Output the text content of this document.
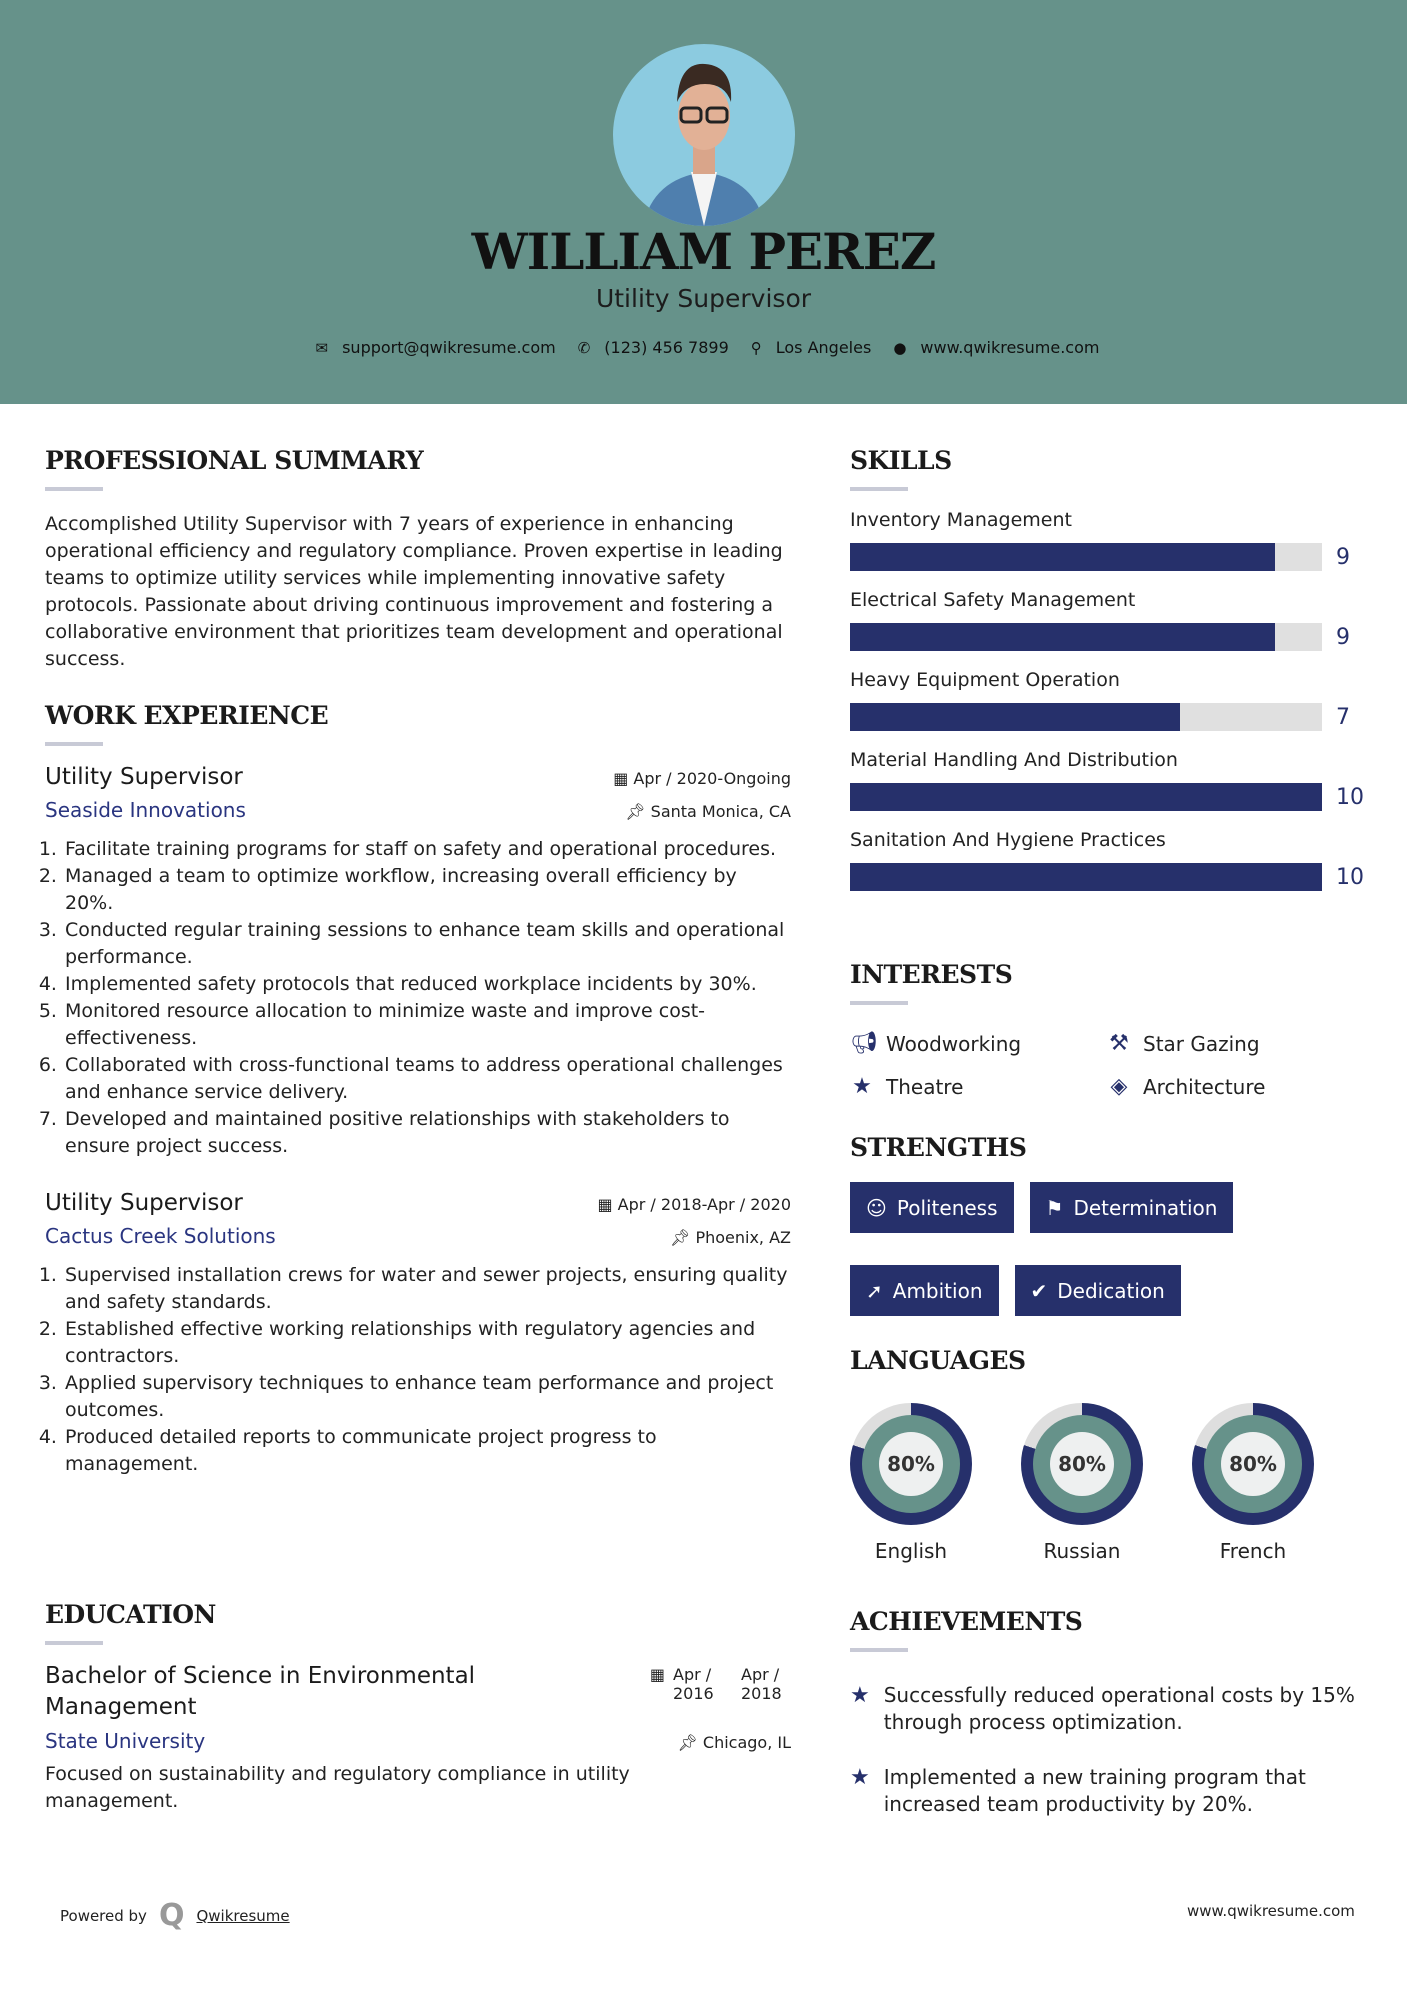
WILLIAM PEREZ
Utility Supervisor
✉ support@qwikresume.com ✆ (123) 456 7899 ⚲ Los Angeles ● www.qwikresume.com
PROFESSIONAL SUMMARY
Accomplished Utility Supervisor with 7 years of experience in enhancing operational efficiency and regulatory compliance. Proven expertise in leading teams to optimize utility services while implementing innovative safety protocols. Passionate about driving continuous improvement and fostering a collaborative environment that prioritizes team development and operational success.
WORK EXPERIENCE
Utility Supervisor	▦ Apr / 2020-Ongoing
Seaside Innovations	📌︎ Santa Monica, CA
1. Facilitate training programs for staff on safety and operational procedures.
2. Managed a team to optimize workflow, increasing overall efficiency by 20%.
3. Conducted regular training sessions to enhance team skills and operational performance.
4. Implemented safety protocols that reduced workplace incidents by 30%.
5. Monitored resource allocation to minimize waste and improve cost-effectiveness.
6. Collaborated with cross-functional teams to address operational challenges and enhance service delivery.
7. Developed and maintained positive relationships with stakeholders to ensure project success.
Utility Supervisor	▦ Apr / 2018-Apr / 2020
Cactus Creek Solutions	📌︎ Phoenix, AZ
1. Supervised installation crews for water and sewer projects, ensuring quality and safety standards.
2. Established effective working relationships with regulatory agencies and contractors.
3. Applied supervisory techniques to enhance team performance and project outcomes.
4. Produced detailed reports to communicate project progress to management.
EDUCATION
Bachelor of Science in Environmental Management
▦ Apr / 2016
Apr / 2018
State University	📌︎ Chicago, IL
Focused on sustainability and regulatory compliance in utility management.
SKILLS
Inventory Management
9
Electrical Safety Management
9
Heavy Equipment Operation
7
Material Handling And Distribution
10
Sanitation And Hygiene Practices
10
INTERESTS
📢︎ Woodworking	⚒ Star Gazing
★ Theatre	◈ Architecture
STRENGTHS
☺ Politeness ⚑ Determination
➚ Ambition ✔ Dedication
LANGUAGES
80%
English
80%
Russian
80%
French
ACHIEVEMENTS
★ Successfully reduced operational costs by 15% through process optimization.
★ Implemented a new training program that increased team productivity by 20%.
Powered by Q Qwikresume	www.qwikresume.com
